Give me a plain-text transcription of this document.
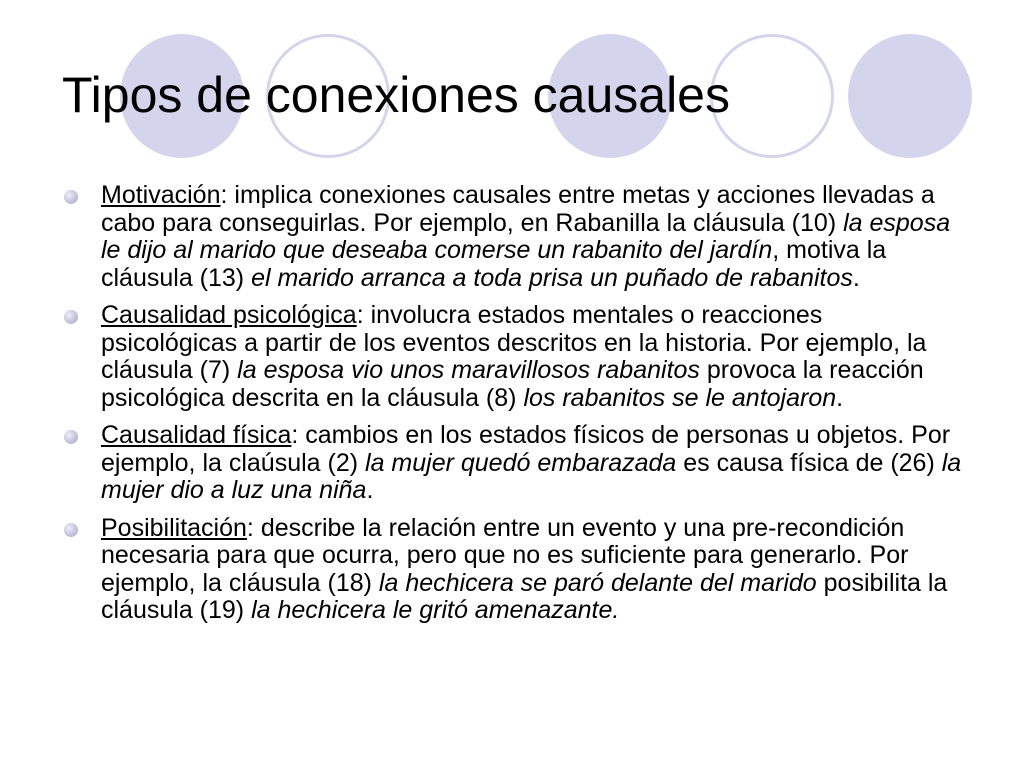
Tipos de conexiones causales
Motivación: implica conexiones causales entre metas y acciones llevadas a cabo para conseguirlas. Por ejemplo, en Rabanilla la cláusula (10) la esposa le dijo al marido que deseaba comerse un rabanito del jardín, motiva la cláusula (13) el marido arranca a toda prisa un puñado de rabanitos.
Causalidad psicológica: involucra estados mentales o reacciones psicológicas a partir de los eventos descritos en la historia. Por ejemplo, la cláusula (7) la esposa vio unos maravillosos rabanitos provoca la reacción psicológica descrita en la cláusula (8) los rabanitos se le antojaron.
Causalidad física: cambios en los estados físicos de personas u objetos. Por ejemplo, la claúsula (2) la mujer quedó embarazada es causa física de (26) la mujer dio a luz una niña.
Posibilitación: describe la relación entre un evento y una pre-recondición necesaria para que ocurra, pero que no es suficiente para generarlo. Por ejemplo, la cláusula (18) la hechicera se paró delante del marido posibilita la cláusula (19) la hechicera le gritó amenazante.
